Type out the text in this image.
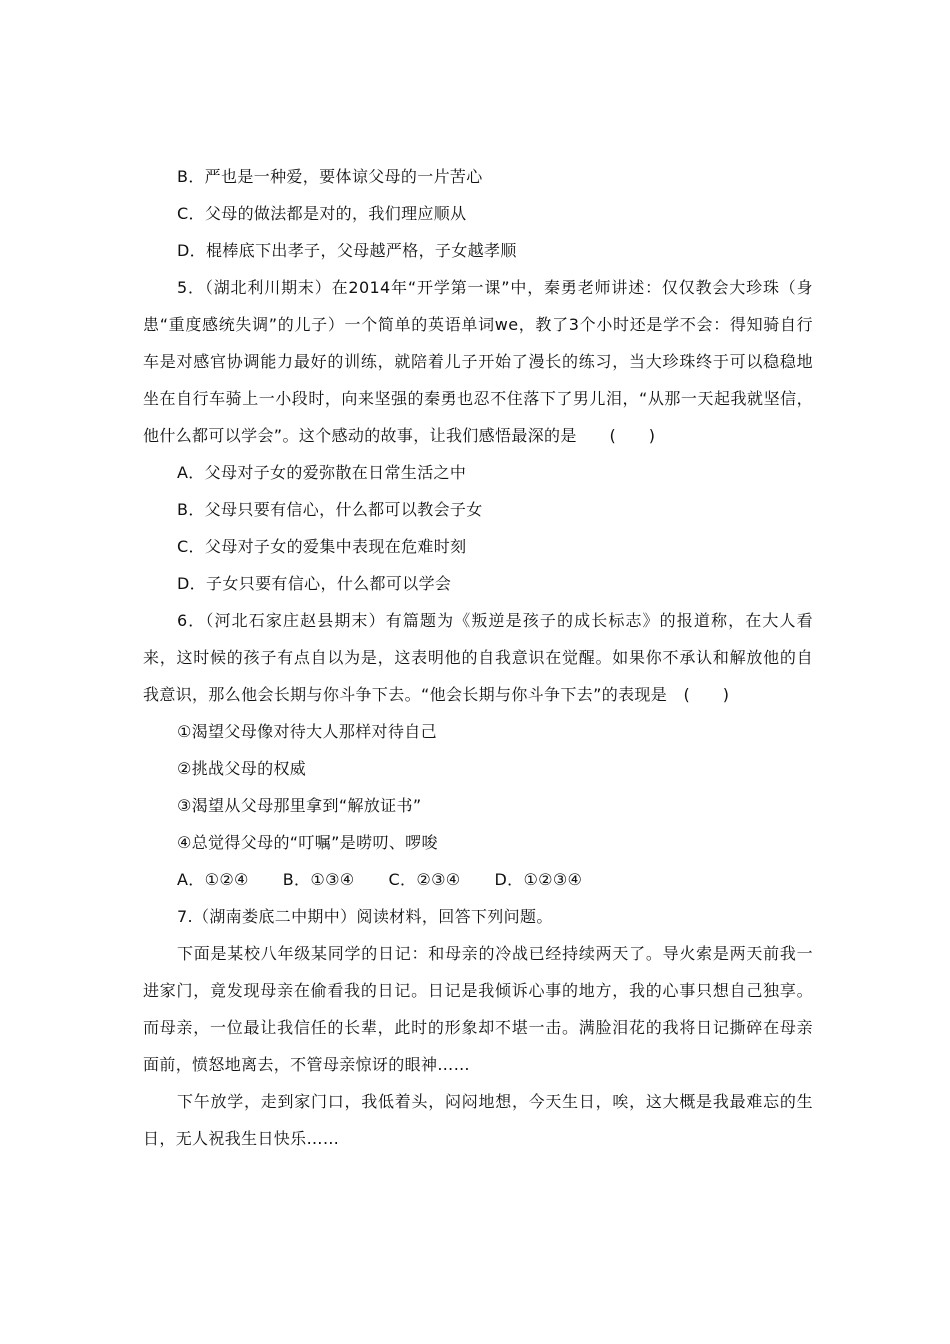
B．严也是一种爱，要体谅父母的一片苦心
C．父母的做法都是对的，我们理应顺从
D．棍棒底下出孝子，父母越严格，子女越孝顺
5．（湖北利川期末）在2014年“开学第一课”中，秦勇老师讲述：仅仅教会大珍珠（身患“重度感统失调”的儿子）一个简单的英语单词we，教了3个小时还是学不会：得知骑自行车是对感官协调能力最好的训练，就陪着儿子开始了漫长的练习，当大珍珠终于可以稳稳地坐在自行车骑上一小段时，向来坚强的秦勇也忍不住落下了男儿泪，“从那一天起我就坚信，他什么都可以学会”。这个感动的故事，让我们感悟最深的是　　(　　)
A．父母对子女的爱弥散在日常生活之中
B．父母只要有信心，什么都可以教会子女
C．父母对子女的爱集中表现在危难时刻
D．子女只要有信心，什么都可以学会
6．（河北石家庄赵县期末）有篇题为《叛逆是孩子的成长标志》的报道称，在大人看来，这时候的孩子有点自以为是，这表明他的自我意识在觉醒。如果你不承认和解放他的自我意识，那么他会长期与你斗争下去。“他会长期与你斗争下去”的表现是　(　　)
①渴望父母像对待大人那样对待自己
②挑战父母的权威
③渴望从父母那里拿到“解放证书”
④总觉得父母的“叮嘱”是唠叨、啰唆
A．①②④ B．①③④ C．②③④ D．①②③④
7.（湖南娄底二中期中）阅读材料，回答下列问题。
下面是某校八年级某同学的日记：和母亲的冷战已经持续两天了。导火索是两天前我一进家门，竟发现母亲在偷看我的日记。日记是我倾诉心事的地方，我的心事只想自己独享。而母亲，一位最让我信任的长辈，此时的形象却不堪一击。满脸泪花的我将日记撕碎在母亲面前，愤怒地离去，不管母亲惊讶的眼神……
下午放学，走到家门口，我低着头，闷闷地想，今天生日，唉，这大概是我最难忘的生日，无人祝我生日快乐……
